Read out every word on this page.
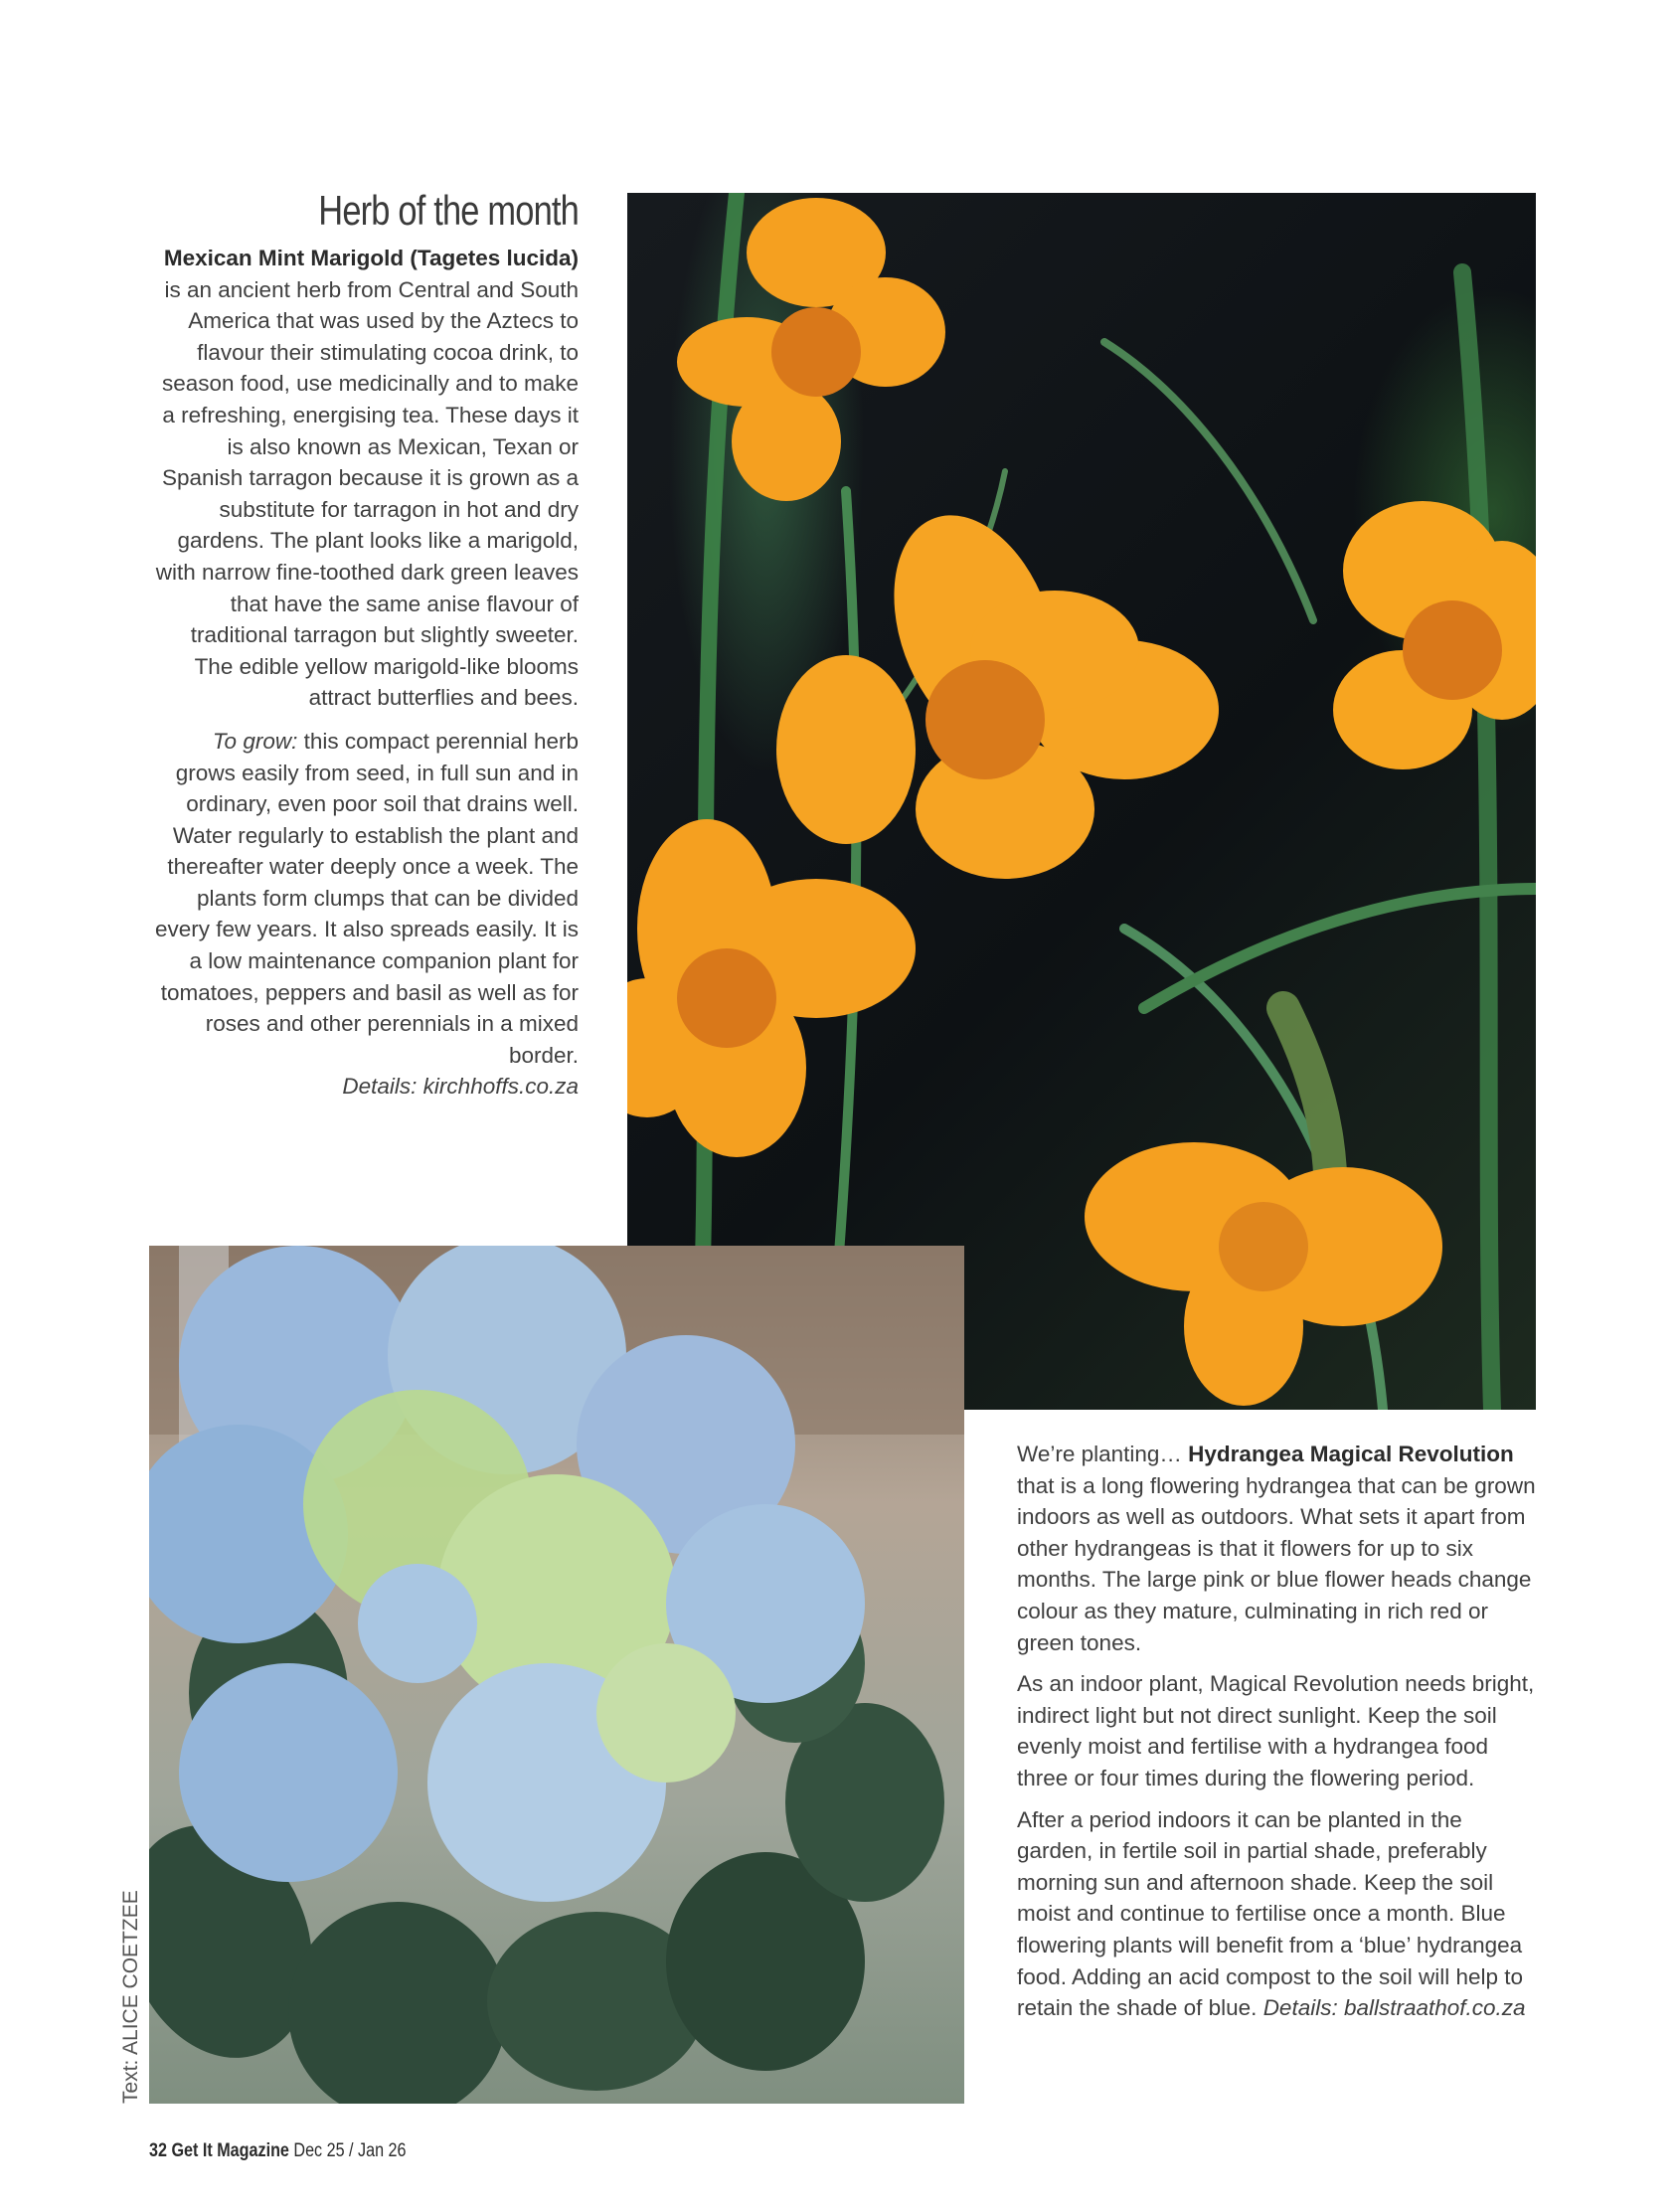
Herb of the month

Mexican Mint Marigold (Tagetes lucida) is an ancient herb from Central and South America that was used by the Aztecs to flavour their stimulating cocoa drink, to season food, use medicinally and to make a refreshing, energising tea. These days it is also known as Mexican, Texan or Spanish tarragon because it is grown as a substitute for tarragon in hot and dry gardens. The plant looks like a marigold, with narrow fine-toothed dark green leaves that have the same anise flavour of traditional tarragon but slightly sweeter. The edible yellow marigold-like blooms attract butterflies and bees.

To grow: this compact perennial herb grows easily from seed, in full sun and in ordinary, even poor soil that drains well. Water regularly to establish the plant and thereafter water deeply once a week. The plants form clumps that can be divided every few years. It also spreads easily. It is a low maintenance companion plant for tomatoes, peppers and basil as well as for roses and other perennials in a mixed border.
Details: kirchhoffs.co.za

We’re planting… Hydrangea Magical Revolution that is a long flowering hydrangea that can be grown indoors as well as outdoors. What sets it apart from other hydrangeas is that it flowers for up to six months. The large pink or blue flower heads change colour as they mature, culminating in rich red or green tones.

As an indoor plant, Magical Revolution needs bright, indirect light but not direct sunlight. Keep the soil evenly moist and fertilise with a hydrangea food three or four times during the flowering period.

After a period indoors it can be planted in the garden, in fertile soil in partial shade, preferably morning sun and afternoon shade. Keep the soil moist and continue to fertilise once a month. Blue flowering plants will benefit from a ‘blue’ hydrangea food. Adding an acid compost to the soil will help to retain the shade of blue. Details: ballstraathof.co.za

Text: ALICE COETZEE
32 Get It Magazine Dec 25 / Jan 26
